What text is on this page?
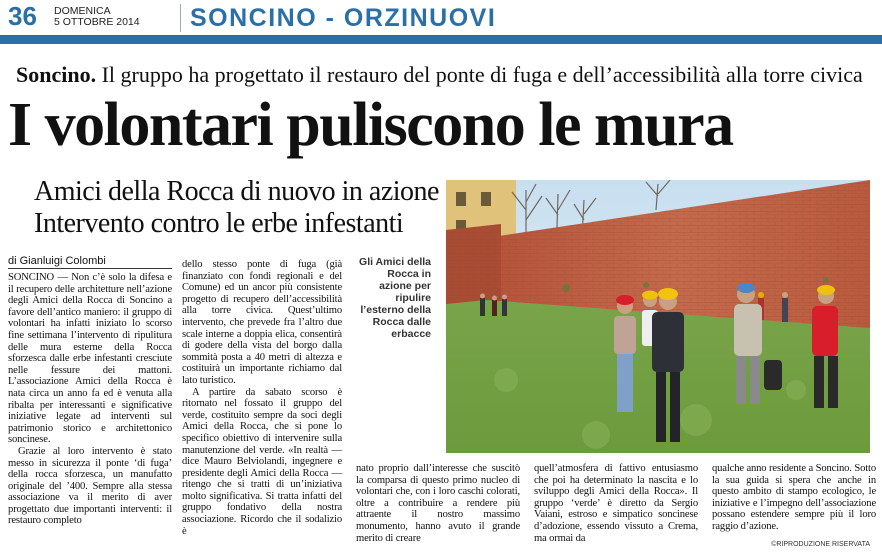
36 DOMENICA
5 OTTOBRE 2014 SONCINO - ORZINUOVI
Soncino. Il gruppo ha progettato il restauro del ponte di fuga e dell’accessibilità alla torre civica
I volontari puliscono le mura
Amici della Rocca di nuovo in azione
Intervento contro le erbe infestanti
di Gianluigi Colombi

SONCINO — Non c’è solo la difesa e il recupero delle architetture nell’azione degli Amici della Rocca di Soncino a favore dell’antico maniero: il gruppo di volontari ha infatti iniziato lo scorso fine settimana l’intervento di ripulitura delle mura esterne della Rocca sforzesca dalle erbe infestanti cresciute nelle fessure dei mattoni. L’associazione Amici della Rocca è nata circa un anno fa ed è venuta alla ribalta per interessanti e significative iniziative legate ad interventi sul patrimonio storico e architettonico soncinese.

Grazie al loro intervento è stato messo in sicurezza il ponte ‘di fuga’ della rocca sforzesca, un manufatto originale del ’400. Sempre alla stessa associazione va il merito di aver progettato due importanti interventi: il restauro completo

dello stesso ponte di fuga (già finanziato con fondi regionali e del Comune) ed un ancor più consistente progetto di recupero dell’accessibilità alla torre civica. Quest’ultimo intervento, che prevede fra l’altro due scale interne a doppia elica, consentirà di godere della vista del borgo dalla sommità posta a 40 metri di altezza e costituirà un importante richiamo dal lato turistico.

A partire da sabato scorso è ritornato nel fossato il gruppo del verde, costituito sempre da soci degli Amici della Rocca, che si pone lo specifico obiettivo di intervenire sulla manutenzione del verde. «In realtà — dice Mauro Belviolandi, ingegnere e presidente degli Amici della Rocca — ritengo che si tratti di un’iniziativa molto significativa. Si tratta infatti del gruppo fondativo della nostra associazione. Ricordo che il sodalizio è

Gli Amici della Rocca in azione per ripulire l’esterno della Rocca dalle erbacce

nato proprio dall’interesse che suscitò la comparsa di questo primo nucleo di volontari che, con i loro caschi colorati, oltre a contribuire a rendere più attraente il nostro massimo monumento, hanno avuto il grande merito di creare

quell’atmosfera di fattivo entusiasmo che poi ha determinato la nascita e lo sviluppo degli Amici della Rocca». Il gruppo ‘verde’ è diretto da Sergio Vaiani, estroso e simpatico soncinese d’adozione, essendo vissuto a Crema, ma ormai da

qualche anno residente a Soncino. Sotto la sua guida si spera che anche in questo ambito di stampo ecologico, le iniziative e l’impegno dell’associazione possano estendere sempre più il loro raggio d’azione.

©RIPRODUZIONE RISERVATA
